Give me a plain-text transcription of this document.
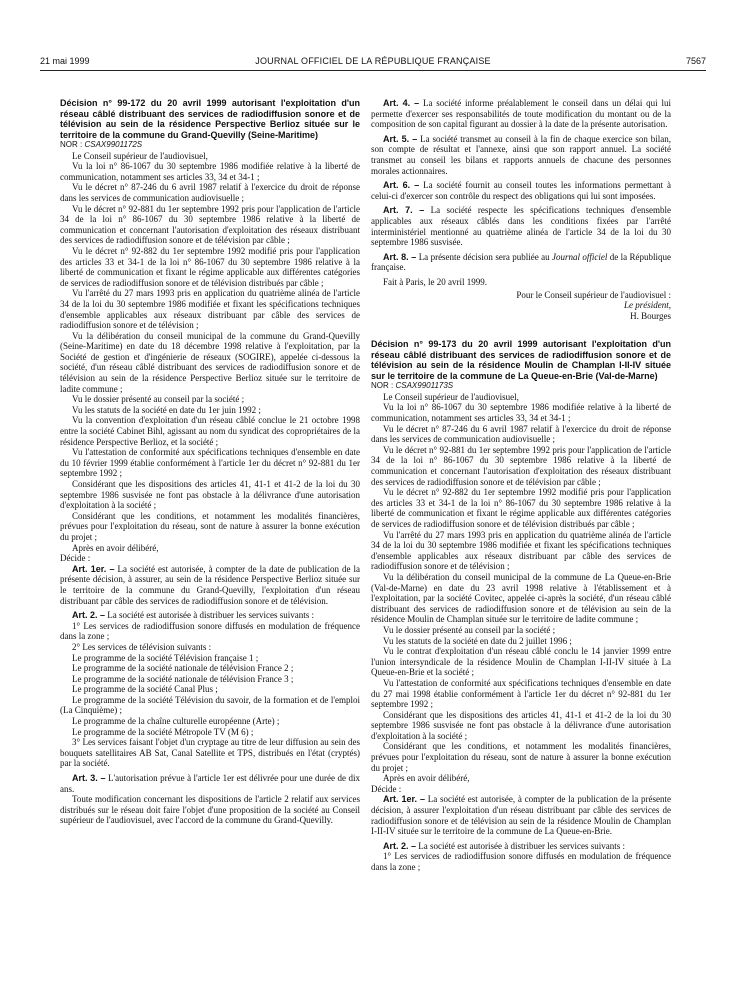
21 mai 1999	JOURNAL OFFICIEL DE LA RÉPUBLIQUE FRANÇAISE	7567

Décision n° 99-172 du 20 avril 1999 autorisant l'exploitation d'un réseau câblé distribuant des services de radiodiffusion sonore et de télévision au sein de la résidence Perspective Berlioz située sur le territoire de la commune du Grand-Quevilly (Seine-Maritime)

NOR : CSAX9901172S

Le Conseil supérieur de l'audiovisuel,

Vu la loi n° 86-1067 du 30 septembre 1986 modifiée relative à la liberté de communication, notamment ses articles 33, 34 et 34-1 ;

Vu le décret n° 87-246 du 6 avril 1987 relatif à l'exercice du droit de réponse dans les services de communication audiovisuelle ;

Vu le décret n° 92-881 du 1er septembre 1992 pris pour l'application de l'article 34 de la loi n° 86-1067 du 30 septembre 1986 relative à la liberté de communication et concernant l'autorisation d'exploitation des réseaux distribuant des services de radiodiffusion sonore et de télévision par câble ;

Vu le décret n° 92-882 du 1er septembre 1992 modifié pris pour l'application des articles 33 et 34-1 de la loi n° 86-1067 du 30 septembre 1986 relative à la liberté de communication et fixant le régime applicable aux différentes catégories de services de radiodiffusion sonore et de télévision distribués par câble ;

Vu l'arrêté du 27 mars 1993 pris en application du quatrième alinéa de l'article 34 de la loi du 30 septembre 1986 modifiée et fixant les spécifications techniques d'ensemble applicables aux réseaux distribuant par câble des services de radiodiffusion sonore et de télévision ;

Vu la délibération du conseil municipal de la commune du Grand-Quevilly (Seine-Maritime) en date du 18 décembre 1998 relative à l'exploitation, par la Société de gestion et d'ingénierie de réseaux (SOGIRE), appelée ci-dessous la société, d'un réseau câblé distribuant des services de radiodiffusion sonore et de télévision au sein de la résidence Perspective Berlioz située sur le territoire de ladite commune ;

Vu le dossier présenté au conseil par la société ;

Vu les statuts de la société en date du 1er juin 1992 ;

Vu la convention d'exploitation d'un réseau câblé conclue le 21 octobre 1998 entre la société Cabinet Bihl, agissant au nom du syndicat des copropriétaires de la résidence Perspective Berlioz, et la société ;

Vu l'attestation de conformité aux spécifications techniques d'ensemble en date du 10 février 1999 établie conformément à l'article 1er du décret n° 92-881 du 1er septembre 1992 ;

Considérant que les dispositions des articles 41, 41-1 et 41-2 de la loi du 30 septembre 1986 susvisée ne font pas obstacle à la délivrance d'une autorisation d'exploitation à la société ;

Considérant que les conditions, et notamment les modalités financières, prévues pour l'exploitation du réseau, sont de nature à assurer la bonne exécution du projet ;

Après en avoir délibéré,

Décide :

Art. 1er. – La société est autorisée, à compter de la date de publication de la présente décision, à assurer, au sein de la résidence Perspective Berlioz située sur le territoire de la commune du Grand-Quevilly, l'exploitation d'un réseau distribuant par câble des services de radiodiffusion sonore et de télévision.

Art. 2. – La société est autorisée à distribuer les services suivants :

1° Les services de radiodiffusion sonore diffusés en modulation de fréquence dans la zone ;

2° Les services de télévision suivants :

Le programme de la société Télévision française 1 ;

Le programme de la société nationale de télévision France 2 ;

Le programme de la société nationale de télévision France 3 ;

Le programme de la société Canal Plus ;

Le programme de la société Télévision du savoir, de la formation et de l'emploi (La Cinquième) ;

Le programme de la chaîne culturelle européenne (Arte) ;

Le programme de la société Métropole TV (M 6) ;

3° Les services faisant l'objet d'un cryptage au titre de leur diffusion au sein des bouquets satellitaires AB Sat, Canal Satellite et TPS, distribués en l'état (cryptés) par la société.

Art. 3. – L'autorisation prévue à l'article 1er est délivrée pour une durée de dix ans.

Toute modification concernant les dispositions de l'article 2 relatif aux services distribués sur le réseau doit faire l'objet d'une proposition de la société au Conseil supérieur de l'audiovisuel, avec l'accord de la commune du Grand-Quevilly.

Art. 4. – La société informe préalablement le conseil dans un délai qui lui permette d'exercer ses responsabilités de toute modification du montant ou de la composition de son capital figurant au dossier à la date de la présente autorisation.

Art. 5. – La société transmet au conseil à la fin de chaque exercice son bilan, son compte de résultat et l'annexe, ainsi que son rapport annuel. La société transmet au conseil les bilans et rapports annuels de chacune des personnes morales actionnaires.

Art. 6. – La société fournit au conseil toutes les informations permettant à celui-ci d'exercer son contrôle du respect des obligations qui lui sont imposées.

Art. 7. – La société respecte les spécifications techniques d'ensemble applicables aux réseaux câblés dans les conditions fixées par l'arrêté interministériel mentionné au quatrième alinéa de l'article 34 de la loi du 30 septembre 1986 susvisée.

Art. 8. – La présente décision sera publiée au Journal officiel de la République française.

Fait à Paris, le 20 avril 1999.

Pour le Conseil supérieur de l'audiovisuel :

Le président,

H. Bourges

Décision n° 99-173 du 20 avril 1999 autorisant l'exploitation d'un réseau câblé distribuant des services de radiodiffusion sonore et de télévision au sein de la résidence Moulin de Champlan I-II-IV située sur le territoire de la commune de La Queue-en-Brie (Val-de-Marne)

NOR : CSAX9901173S

Le Conseil supérieur de l'audiovisuel,

Vu la loi n° 86-1067 du 30 septembre 1986 modifiée relative à la liberté de communication, notamment ses articles 33, 34 et 34-1 ;

Vu le décret n° 87-246 du 6 avril 1987 relatif à l'exercice du droit de réponse dans les services de communication audiovisuelle ;

Vu le décret n° 92-881 du 1er septembre 1992 pris pour l'application de l'article 34 de la loi n° 86-1067 du 30 septembre 1986 relative à la liberté de communication et concernant l'autorisation d'exploitation des réseaux distribuant des services de radiodiffusion sonore et de télévision par câble ;

Vu le décret n° 92-882 du 1er septembre 1992 modifié pris pour l'application des articles 33 et 34-1 de la loi n° 86-1067 du 30 septembre 1986 relative à la liberté de communication et fixant le régime applicable aux différentes catégories de services de radiodiffusion sonore et de télévision distribués par câble ;

Vu l'arrêté du 27 mars 1993 pris en application du quatrième alinéa de l'article 34 de la loi du 30 septembre 1986 modifiée et fixant les spécifications techniques d'ensemble applicables aux réseaux distribuant par câble des services de radiodiffusion sonore et de télévision ;

Vu la délibération du conseil municipal de la commune de La Queue-en-Brie (Val-de-Marne) en date du 23 avril 1998 relative à l'établissement et à l'exploitation, par la société Covitec, appelée ci-après la société, d'un réseau câblé distribuant des services de radiodiffusion sonore et de télévision au sein de la résidence Moulin de Champlan située sur le territoire de ladite commune ;

Vu le dossier présenté au conseil par la société ;

Vu les statuts de la société en date du 2 juillet 1996 ;

Vu le contrat d'exploitation d'un réseau câblé conclu le 14 janvier 1999 entre l'union intersyndicale de la résidence Moulin de Champlan I-II-IV située à La Queue-en-Brie et la société ;

Vu l'attestation de conformité aux spécifications techniques d'ensemble en date du 27 mai 1998 établie conformément à l'article 1er du décret n° 92-881 du 1er septembre 1992 ;

Considérant que les dispositions des articles 41, 41-1 et 41-2 de la loi du 30 septembre 1986 susvisée ne font pas obstacle à la délivrance d'une autorisation d'exploitation à la société ;

Considérant que les conditions, et notamment les modalités financières, prévues pour l'exploitation du réseau, sont de nature à assurer la bonne exécution du projet ;

Après en avoir délibéré,

Décide :

Art. 1er. – La société est autorisée, à compter de la publication de la présente décision, à assurer l'exploitation d'un réseau distribuant par câble des services de radiodiffusion sonore et de télévision au sein de la résidence Moulin de Champlan I-II-IV située sur le territoire de la commune de La Queue-en-Brie.

Art. 2. – La société est autorisée à distribuer les services suivants :

1° Les services de radiodiffusion sonore diffusés en modulation de fréquence dans la zone ;
